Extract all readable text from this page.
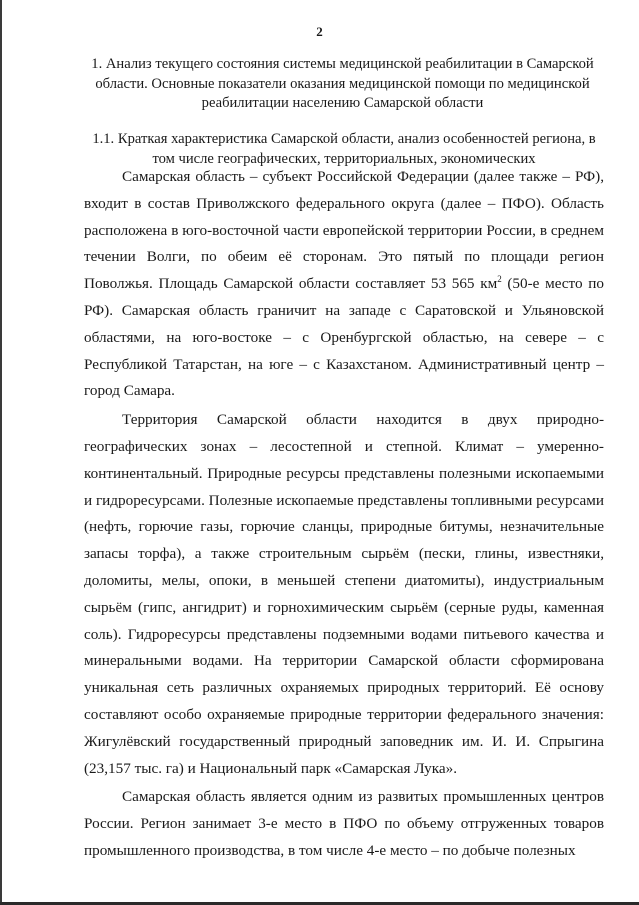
2
1. Анализ текущего состояния системы медицинской реабилитации в Самарской области. Основные показатели оказания медицинской помощи по медицинской реабилитации населению Самарской области
1.1. Краткая характеристика Самарской области, анализ особенностей региона, в том числе географических, территориальных, экономических

Самарская область – субъект Российской Федерации (далее также – РФ), входит в состав Приволжского федерального округа (далее – ПФО). Область расположена в юго-восточной части европейской территории России, в среднем течении Волги, по обеим её сторонам. Это пятый по площади регион Поволжья. Площадь Самарской области составляет 53 565 $км^2$ (50-е место по РФ). Самарская область граничит на западе с Саратовской и Ульяновской областями, на юго-востоке – с Оренбургской областью, на севере – с Республикой Татарстан, на юге – с Казахстаном. Административный центр – город Самара.

Территория Самарской области находится в двух природно-географических зонах – лесостепной и степной. Климат – умеренно-континентальный. Природные ресурсы представлены полезными ископаемыми и гидроресурсами. Полезные ископаемые представлены топливными ресурсами (нефть, горючие газы, горючие сланцы, природные битумы, незначительные запасы торфа), а также строительным сырьём (пески, глины, известняки, доломиты, мелы, опоки, в меньшей степени диатомиты), индустриальным сырьём (гипс, ангидрит) и горнохимическим сырьём (серные руды, каменная соль). Гидроресурсы представлены подземными водами питьевого качества и минеральными водами. На территории Самарской области сформирована уникальная сеть различных охраняемых природных территорий. Её основу составляют особо охраняемые природные территории федерального значения: Жигулёвский государственный природный заповедник им. И. И. Спрыгина (23,157 тыс. га) и Национальный парк «Самарская Лука».

Самарская область является одним из развитых промышленных центров России. Регион занимает 3-е место в ПФО по объему отгруженных товаров промышленного производства, в том числе 4-е место – по добыче полезных
